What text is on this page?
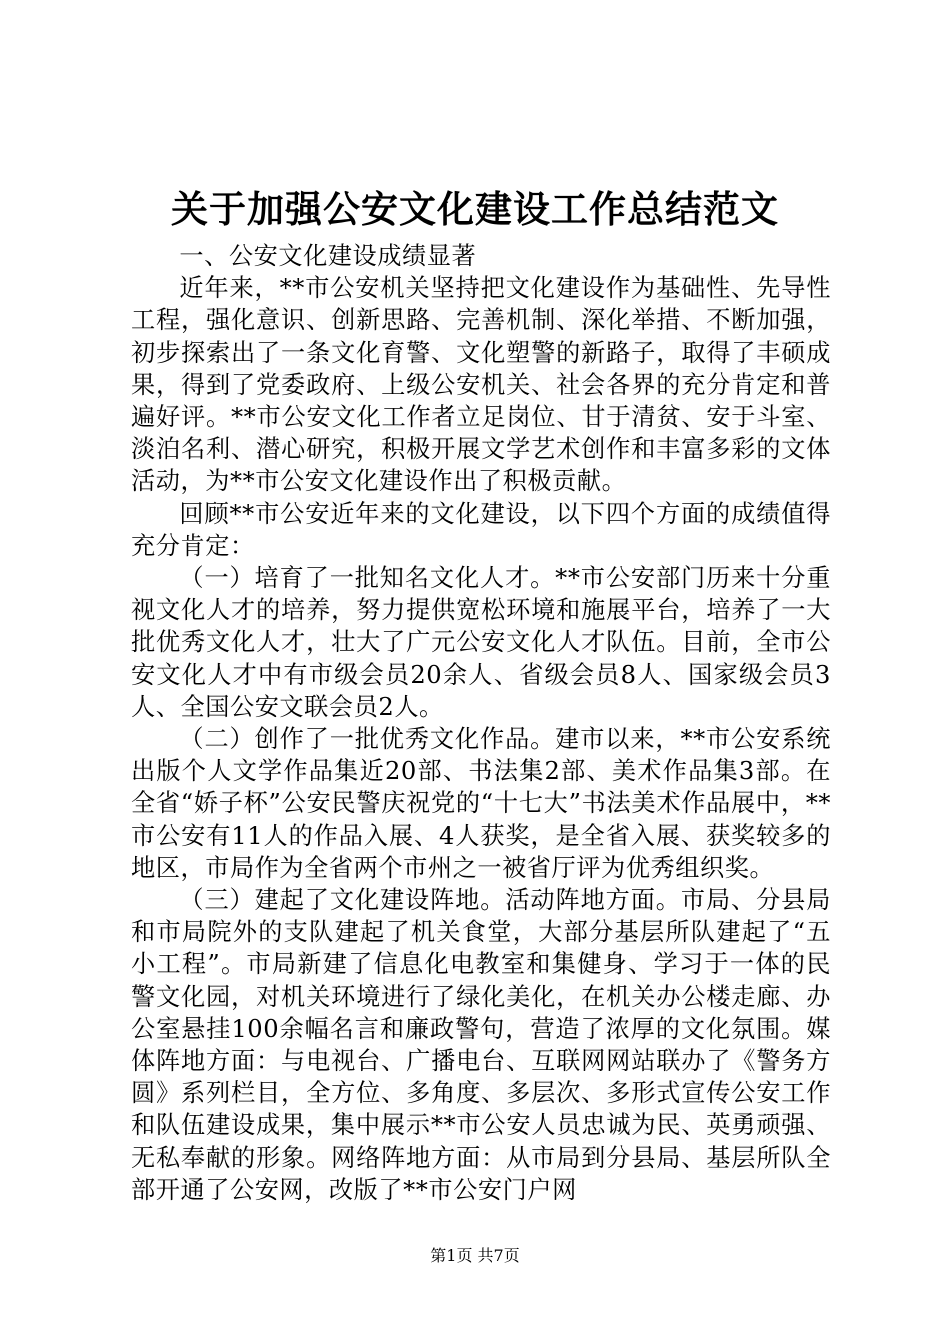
关于加强公安文化建设工作总结范文

一、公安文化建设成绩显著

近年来，**市公安机关坚持把文化建设作为基础性、先导性工程，强化意识、创新思路、完善机制、深化举措、不断加强，初步探索出了一条文化育警、文化塑警的新路子，取得了丰硕成果，得到了党委政府、上级公安机关、社会各界的充分肯定和普遍好评。**市公安文化工作者立足岗位、甘于清贫、安于斗室、淡泊名利、潜心研究，积极开展文学艺术创作和丰富多彩的文体活动，为**市公安文化建设作出了积极贡献。

回顾**市公安近年来的文化建设，以下四个方面的成绩值得充分肯定：

（一）培育了一批知名文化人才。**市公安部门历来十分重视文化人才的培养，努力提供宽松环境和施展平台，培养了一大批优秀文化人才，壮大了广元公安文化人才队伍。目前，全市公安文化人才中有市级会员20余人、省级会员8人、国家级会员3人、全国公安文联会员2人。

（二）创作了一批优秀文化作品。建市以来，**市公安系统出版个人文学作品集近20部、书法集2部、美术作品集3部。在全省“娇子杯”公安民警庆祝党的“十七大”书法美术作品展中，**市公安有11人的作品入展、4人获奖，是全省入展、获奖较多的地区，市局作为全省两个市州之一被省厅评为优秀组织奖。

（三）建起了文化建设阵地。活动阵地方面。市局、分县局和市局院外的支队建起了机关食堂，大部分基层所队建起了“五小工程”。市局新建了信息化电教室和集健身、学习于一体的民警文化园，对机关环境进行了绿化美化，在机关办公楼走廊、办公室悬挂100余幅名言和廉政警句，营造了浓厚的文化氛围。媒体阵地方面：与电视台、广播电台、互联网网站联办了《警务方圆》系列栏目，全方位、多角度、多层次、多形式宣传公安工作和队伍建设成果，集中展示**市公安人员忠诚为民、英勇顽强、无私奉献的形象。网络阵地方面：从市局到分县局、基层所队全部开通了公安网，改版了**市公安门户网

第1页 共7页
